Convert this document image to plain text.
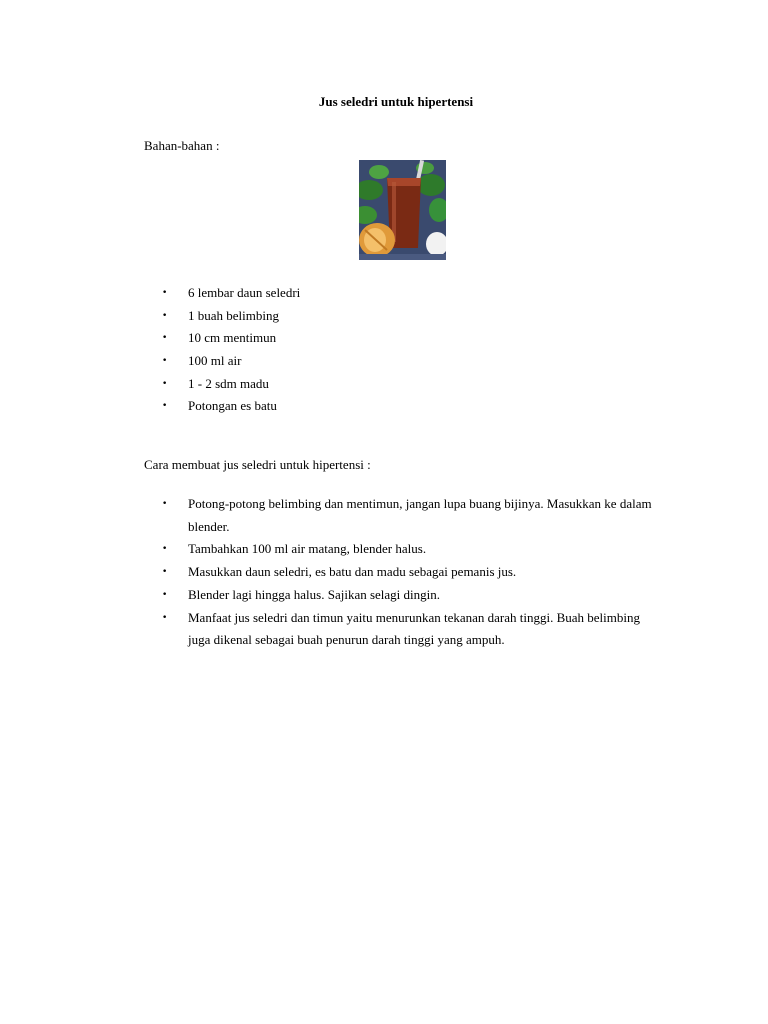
Jus seledri untuk hipertensi
Bahan-bahan :
• 6 lembar daun seledri
• 1 buah belimbing
• 10 cm mentimun
• 100 ml air
• 1 - 2 sdm madu
• Potongan es batu
Cara membuat jus seledri untuk hipertensi :
• Potong-potong belimbing dan mentimun, jangan lupa buang bijinya. Masukkan ke dalam blender.
• Tambahkan 100 ml air matang, blender halus.
• Masukkan daun seledri, es batu dan madu sebagai pemanis jus.
• Blender lagi hingga halus. Sajikan selagi dingin.
• Manfaat jus seledri dan timun yaitu menurunkan tekanan darah tinggi. Buah belimbing juga dikenal sebagai buah penurun darah tinggi yang ampuh.
